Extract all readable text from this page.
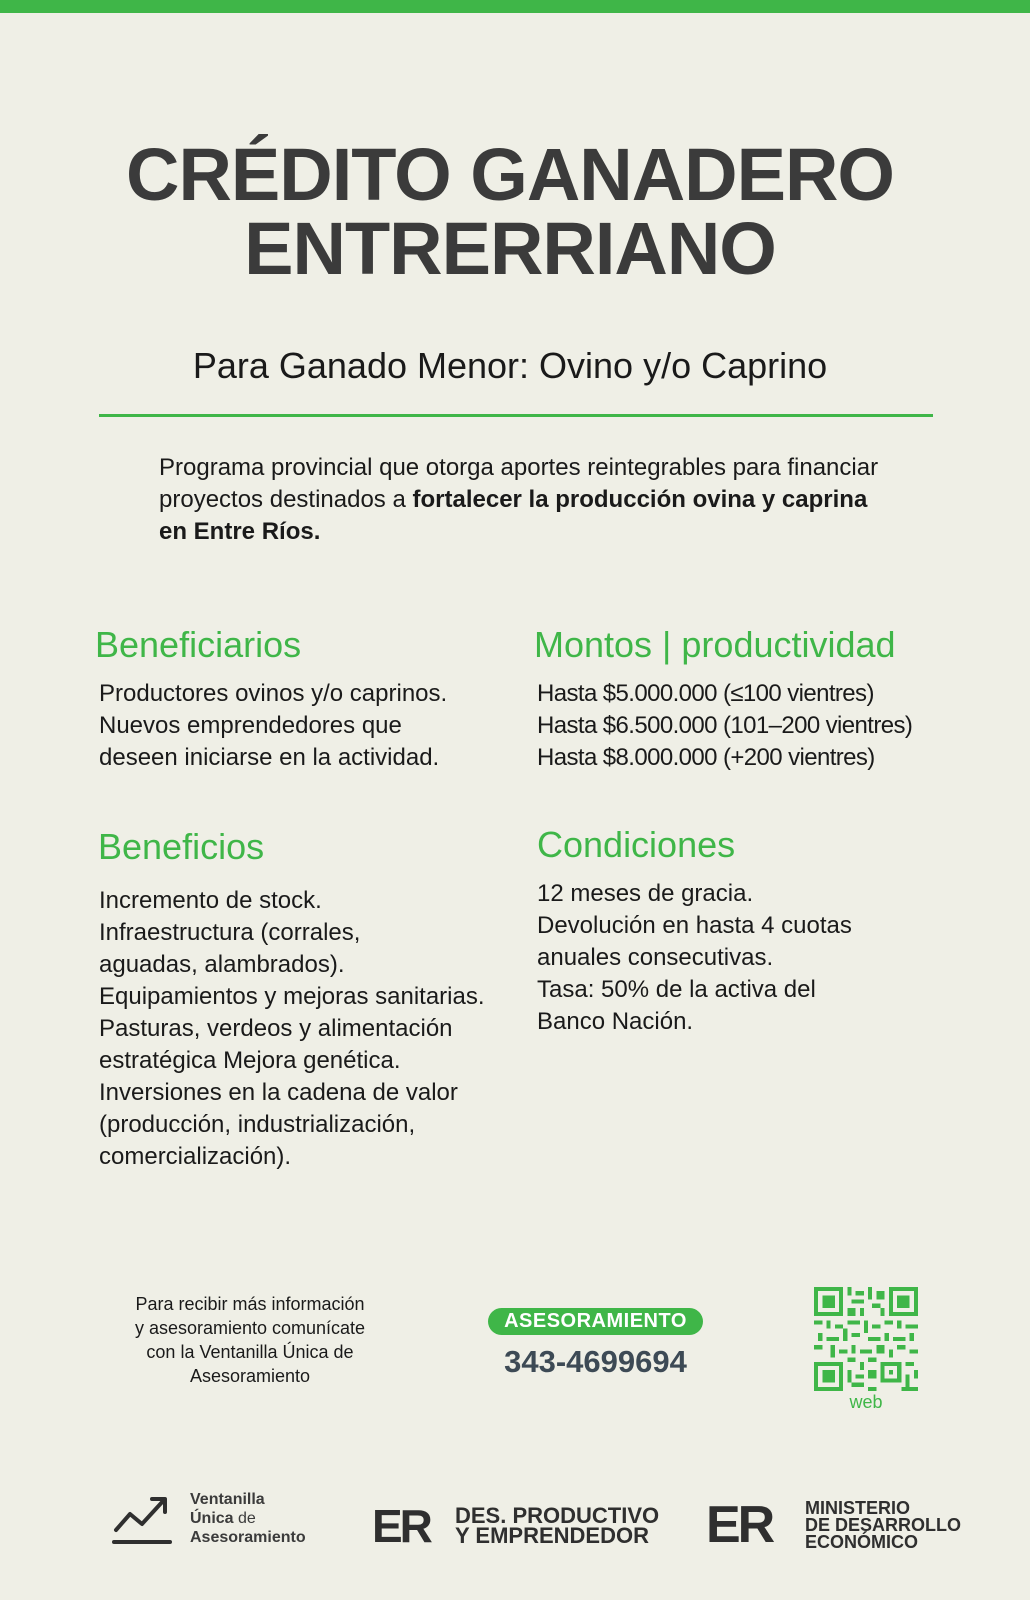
CRÉDITO GANADERO
ENTRERRIANO
Para Ganado Menor: Ovino y/o Caprino
Programa provincial que otorga aportes reintegrables para financiar proyectos destinados a fortalecer la producción ovina y caprina en Entre Ríos.
Beneficiarios
Productores ovinos y/o caprinos.
Nuevos emprendedores que
deseen iniciarse en la actividad.
Montos | productividad
Hasta $5.000.000 (≤100 vientres)
Hasta $6.500.000 (101–200 vientres)
Hasta $8.000.000 (+200 vientres)
Beneficios
Incremento de stock.
Infraestructura (corrales,
aguadas, alambrados).
Equipamientos y mejoras sanitarias.
Pasturas, verdeos y alimentación
estratégica Mejora genética.
Inversiones en la cadena de valor
(producción, industrialización,
comercialización).
Condiciones
12 meses de gracia.
Devolución en hasta 4 cuotas
anuales consecutivas.
Tasa: 50% de la activa del
Banco Nación.
Para recibir más información
y asesoramiento comunícate
con la Ventanilla Única de
Asesoramiento
ASESORAMIENTO
343-4699694
web
Ventanilla
Única de
Asesoramiento ER DES. PRODUCTIVO
Y EMPRENDEDOR ER MINISTERIO
DE DESARROLLO
ECONÓMICO
